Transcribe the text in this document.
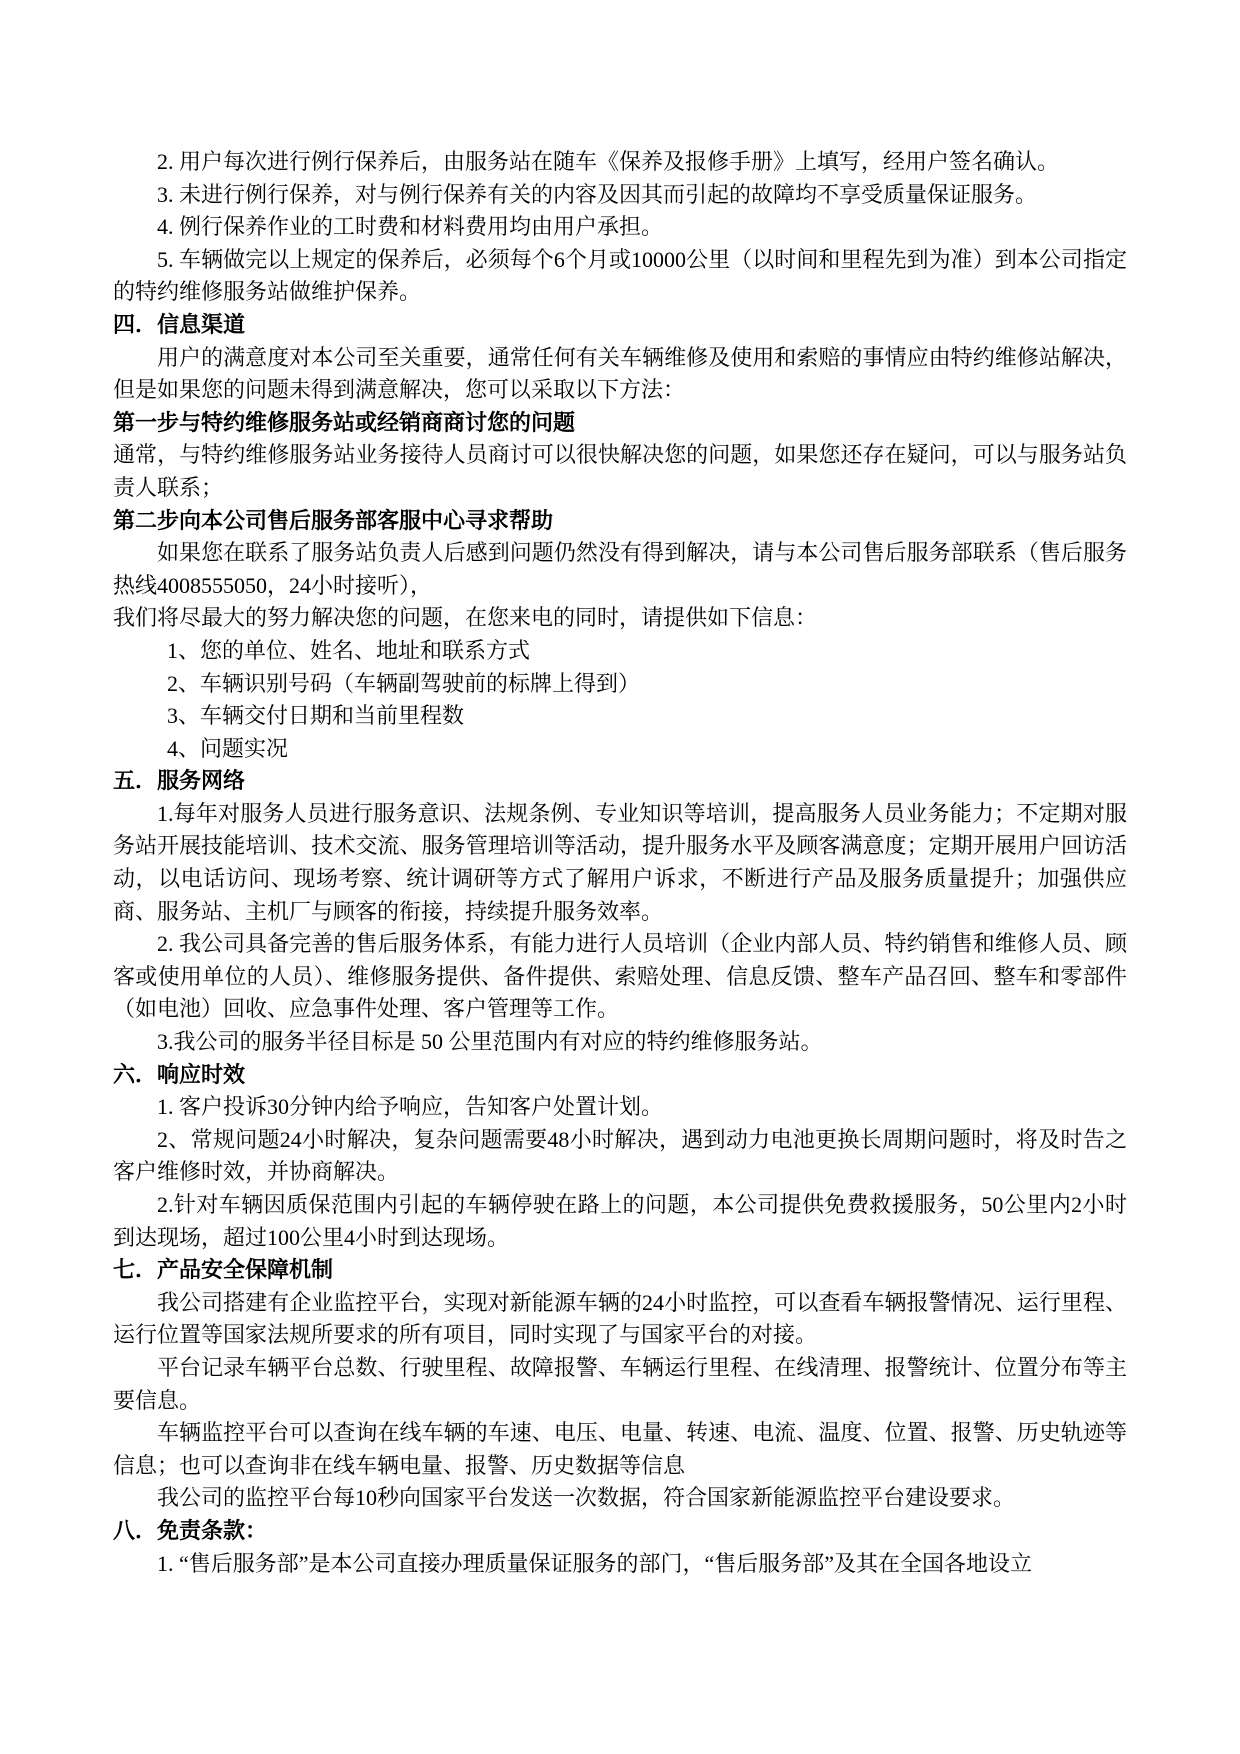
2. 用户每次进行例行保养后，由服务站在随车《保养及报修手册》上填写，经用户签名确认。

3. 未进行例行保养，对与例行保养有关的内容及因其而引起的故障均不享受质量保证服务。

4. 例行保养作业的工时费和材料费用均由用户承担。

5. 车辆做完以上规定的保养后，必须每个6个月或10000公里（以时间和里程先到为准）到本公司指定的特约维修服务站做维护保养。

四．信息渠道

用户的满意度对本公司至关重要，通常任何有关车辆维修及使用和索赔的事情应由特约维修站解决，但是如果您的问题未得到满意解决，您可以采取以下方法：

第一步与特约维修服务站或经销商商讨您的问题

通常，与特约维修服务站业务接待人员商讨可以很快解决您的问题，如果您还存在疑问，可以与服务站负责人联系；

第二步向本公司售后服务部客服中心寻求帮助

如果您在联系了服务站负责人后感到问题仍然没有得到解决，请与本公司售后服务部联系（售后服务热线4008555050，24小时接听），

我们将尽最大的努力解决您的问题，在您来电的同时，请提供如下信息：

1、您的单位、姓名、地址和联系方式

2、车辆识别号码（车辆副驾驶前的标牌上得到）

3、车辆交付日期和当前里程数

4、问题实况

五．服务网络

1.每年对服务人员进行服务意识、法规条例、专业知识等培训，提高服务人员业务能力；不定期对服务站开展技能培训、技术交流、服务管理培训等活动，提升服务水平及顾客满意度；定期开展用户回访活动，以电话访问、现场考察、统计调研等方式了解用户诉求，不断进行产品及服务质量提升；加强供应商、服务站、主机厂与顾客的衔接，持续提升服务效率。

2. 我公司具备完善的售后服务体系，有能力进行人员培训（企业内部人员、特约销售和维修人员、顾客或使用单位的人员）、维修服务提供、备件提供、索赔处理、信息反馈、整车产品召回、整车和零部件（如电池）回收、应急事件处理、客户管理等工作。

3.我公司的服务半径目标是 50 公里范围内有对应的特约维修服务站。

六．响应时效

1. 客户投诉30分钟内给予响应，告知客户处置计划。

2、常规问题24小时解决，复杂问题需要48小时解决，遇到动力电池更换长周期问题时，将及时告之客户维修时效，并协商解决。

2.针对车辆因质保范围内引起的车辆停驶在路上的问题，本公司提供免费救援服务，50公里内2小时到达现场，超过100公里4小时到达现场。

七．产品安全保障机制

我公司搭建有企业监控平台，实现对新能源车辆的24小时监控，可以查看车辆报警情况、运行里程、运行位置等国家法规所要求的所有项目，同时实现了与国家平台的对接。

平台记录车辆平台总数、行驶里程、故障报警、车辆运行里程、在线清理、报警统计、位置分布等主要信息。

车辆监控平台可以查询在线车辆的车速、电压、电量、转速、电流、温度、位置、报警、历史轨迹等信息；也可以查询非在线车辆电量、报警、历史数据等信息

我公司的监控平台每10秒向国家平台发送一次数据，符合国家新能源监控平台建设要求。

八．免责条款：

1. “售后服务部”是本公司直接办理质量保证服务的部门，“售后服务部”及其在全国各地设立
